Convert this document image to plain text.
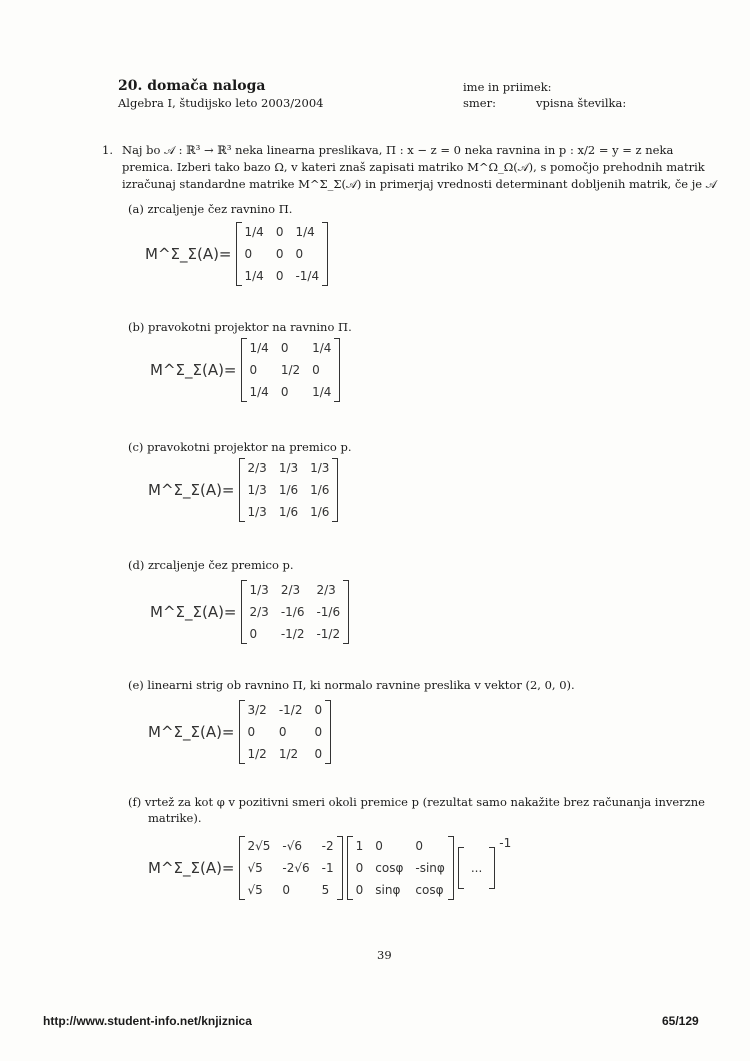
20. domača naloga
Algebra I, študijsko leto 2003/2004
ime in priimek:
smer:	vpisna številka:
1. Naj bo 𝒜 : ℝ³ → ℝ³ neka linearna preslikava, Π : x − z = 0 neka ravnina in p : x/2 = y = z neka
premica. Izberi tako bazo Ω, v kateri znaš zapisati matriko M^Ω_Ω(𝒜), s pomočjo prehodnih matrik
izračunaj standardne matrike M^Σ_Σ(𝒜) in primerjaj vrednosti determinant dobljenih matrik, če je 𝒜
(a) zrcaljenje čez ravnino Π.
M^Σ_Σ(A)=
1/4 0 1/4
0	0 0
1/4 0 -1/4
(b) pravokotni projektor na ravnino Π.
M^Σ_Σ(A)=
1/4 0	1/4
0	1/2 0
1/4 0	1/4
(c) pravokotni projektor na premico p.
M^Σ_Σ(A)=
2/3 1/3 1/3
1/3 1/6 1/6
1/3 1/6 1/6
(d) zrcaljenje čez premico p.
M^Σ_Σ(A)=
1/3 2/3	2/3
2/3 -1/6 -1/6
0	-1/2 -1/2
(e) linearni strig ob ravnino Π, ki normalo ravnine preslika v vektor (2, 0, 0).
M^Σ_Σ(A)=
3/2 -1/2 0
0	0	0
1/2 1/2	0
(f) vrtež za kot φ v pozitivni smeri okoli premice p (rezultat samo nakažite brez računanja inverzne
matrike).
M^Σ_Σ(A)=
2√5 -√6	-2
√5	-2√6 -1
√5	0	5
1 0	0
0 cosφ -sinφ
0 sinφ cosφ
...
-1
39
http://www.student-info.net/knjiznica	65/129
